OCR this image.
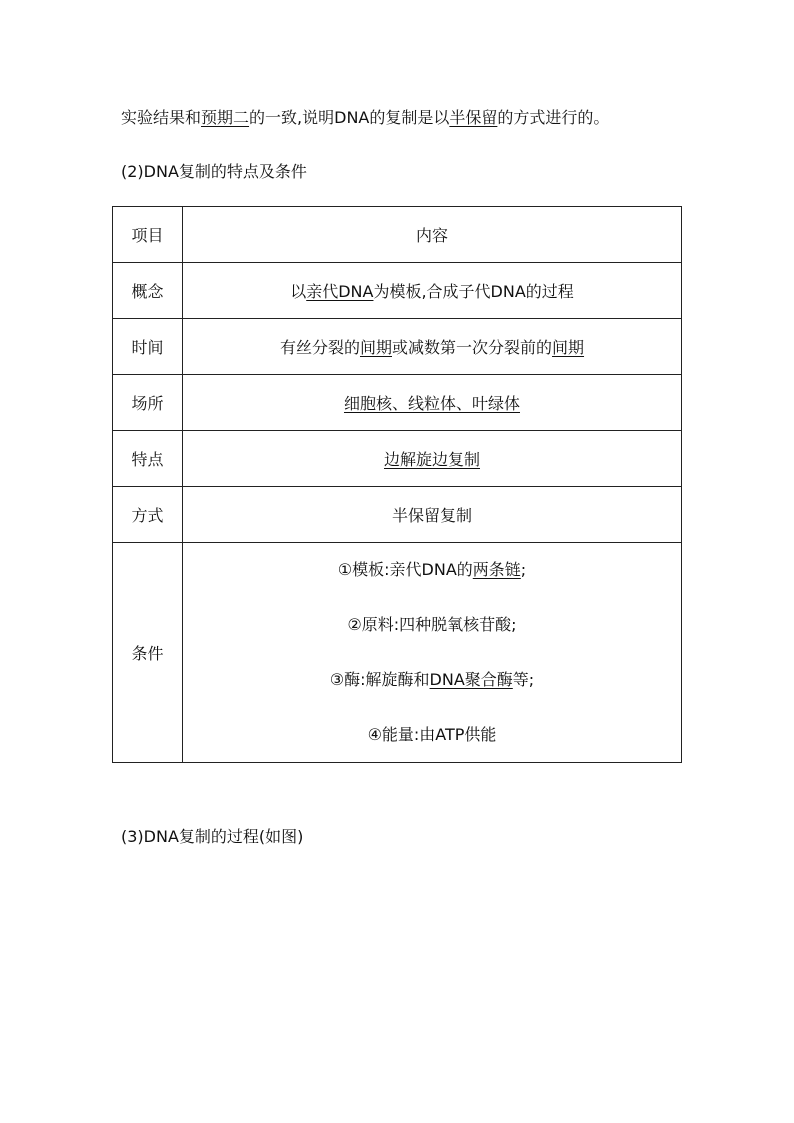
实验结果和预期二的一致,说明DNA的复制是以半保留的方式进行的。
(2)DNA复制的特点及条件
项目	内容
概念	以亲代DNA为模板,合成子代DNA的过程
时间	有丝分裂的间期或减数第一次分裂前的间期
场所	细胞核、线粒体、叶绿体
特点	边解旋边复制
方式	半保留复制
条件	①模板:亲代DNA的两条链;
②原料:四种脱氧核苷酸;
③酶:解旋酶和DNA聚合酶等;
④能量:由ATP供能
(3)DNA复制的过程(如图)
